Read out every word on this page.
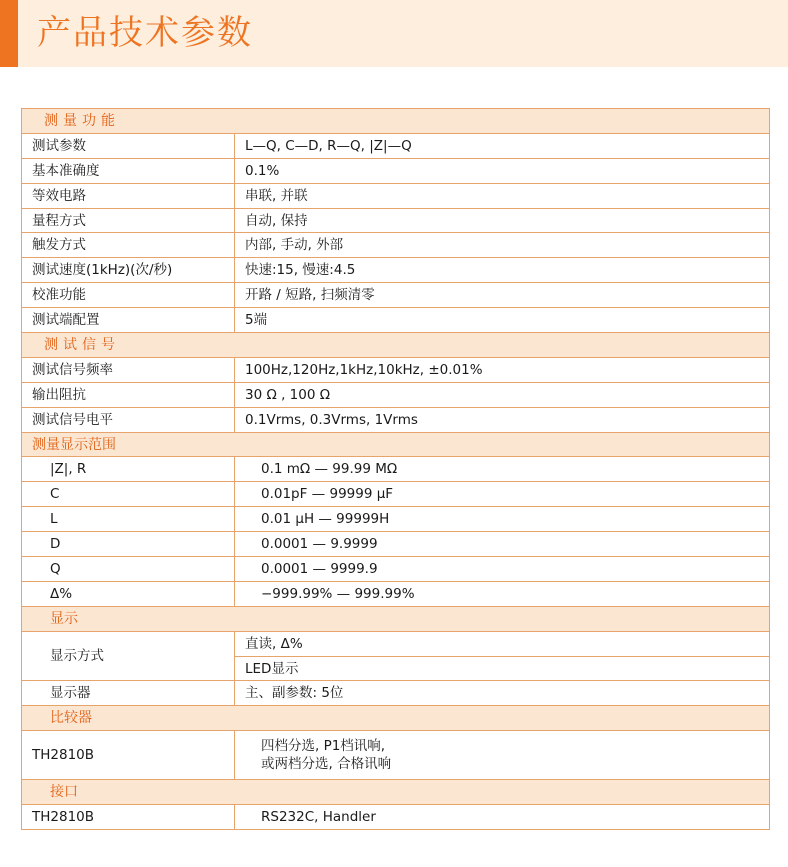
产品技术参数
测量功能	
测试参数	L—Q, C—D, R—Q, |Z|—Q
基本准确度	0.1%
等效电路	串联, 并联
量程方式	自动, 保持
触发方式	内部, 手动, 外部
测试速度(1kHz)(次/秒)	快速:15, 慢速:4.5
校准功能	开路 / 短路, 扫频清零
测试端配置	5端
测试信号	
测试信号频率	100Hz,120Hz,1kHz,10kHz, ±0.01%
输出阻抗	30 Ω , 100 Ω
测试信号电平	0.1Vrms, 0.3Vrms, 1Vrms
测量显示范围	
|Z|, R	0.1 mΩ — 99.99 MΩ
C	0.01pF — 99999 μF
L	0.01 μH — 99999H
D	0.0001 — 9.9999
Q	0.0001 — 9999.9
Δ%	−999.99% — 999.99%
显示	
显示方式	直读, Δ%
	LED显示
显示器	主、副参数: 5位
比较器	
TH2810B	四档分选, P1档讯响,
或两档分选, 合格讯响

接口	
TH2810B	RS232C, Handler
